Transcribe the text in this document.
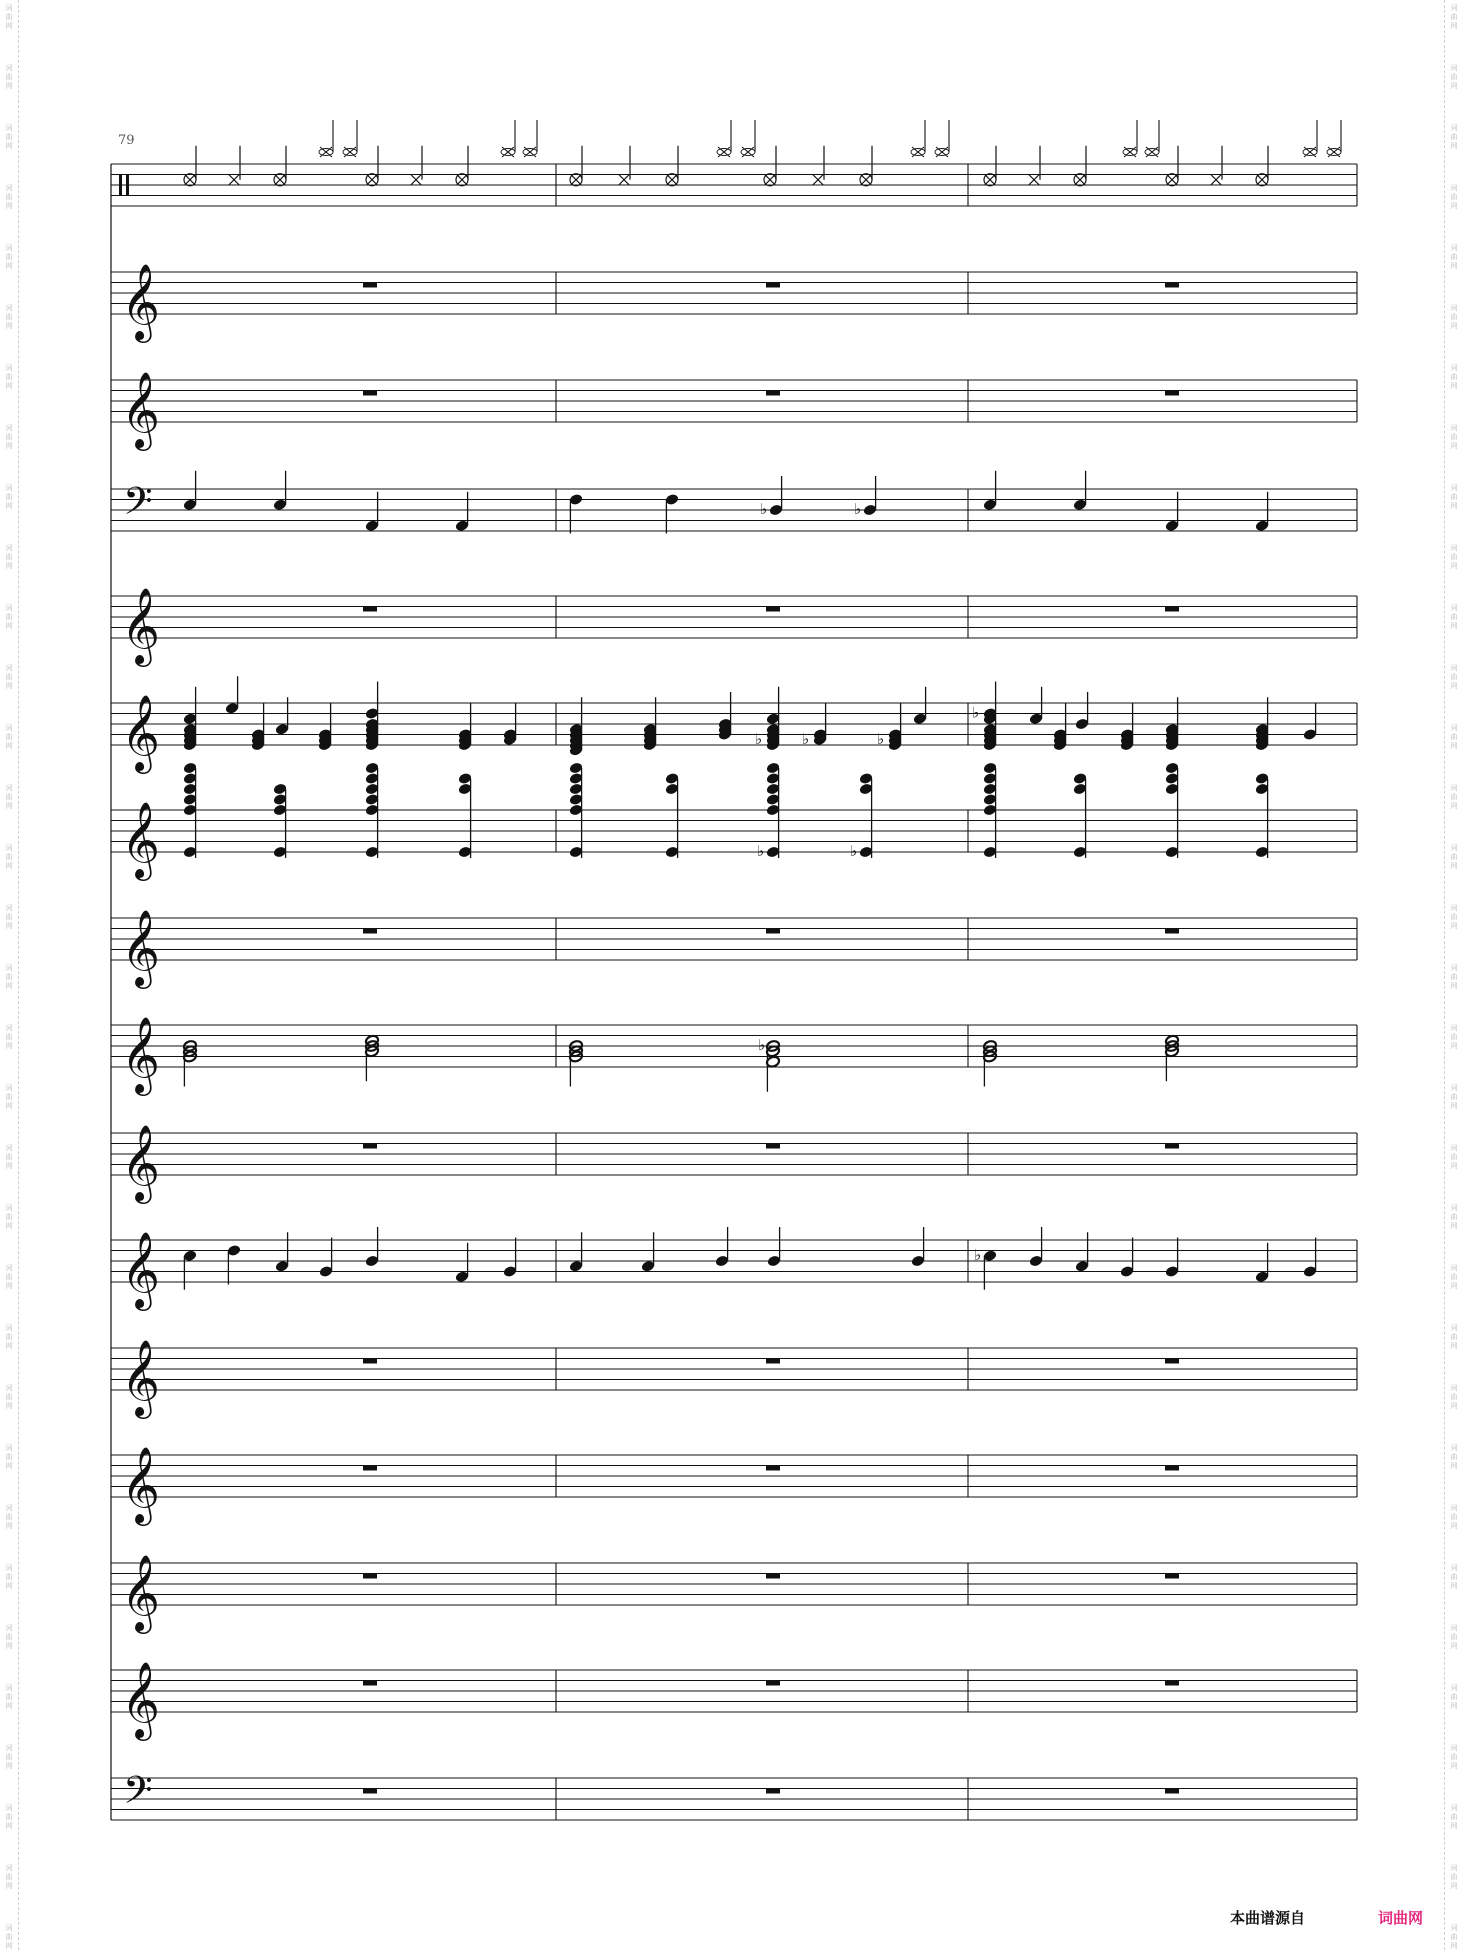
词
曲
网
词
曲
网
词
曲
网
词
曲
网
词
曲
网
词
曲
网
词
曲
网
词
曲
网
词
曲
网
词
曲
网
词
曲
网
词
曲
网
词
曲
网
词
曲
网
词
曲
网
词
曲
网
词
曲
网
词
曲
网
词
曲
网
词
曲
网
词
曲
网
词
曲
网
词
曲
网
词
曲
网
词
曲
网
词
曲
网
词
曲
网
词
曲
网
词
曲
网
词
曲
网
词
曲
网
词
曲
网
词
曲
网
词
曲
网
词
曲
网
词
曲
网
词
曲
网
词
曲
网
词
曲
网
词
曲
网
词
曲
网
词
曲
网
词
曲
网
词
曲
网
词
曲
网
词
曲
网
词
曲
网
词
曲
网
词
曲
网
词
曲
网
词
曲
网
词
曲
网
词
曲
网
词
曲
网
词
曲
网
词
曲
网
词
曲
网
词
曲
网
词
曲
网
词
曲
网
词
曲
网
词
曲
网
词
曲
网
词
曲
网
词
曲
网
词
曲
网
𝄞
𝄞
𝄢
𝄞
𝄞
𝄞
𝄞
𝄞
𝄞
𝄞
𝄞
𝄞
𝄞
𝄞
𝄢
♭	♭
♭	♭	♭
♭
♭	♭
♭
♭
79
本曲谱源自	词曲网
